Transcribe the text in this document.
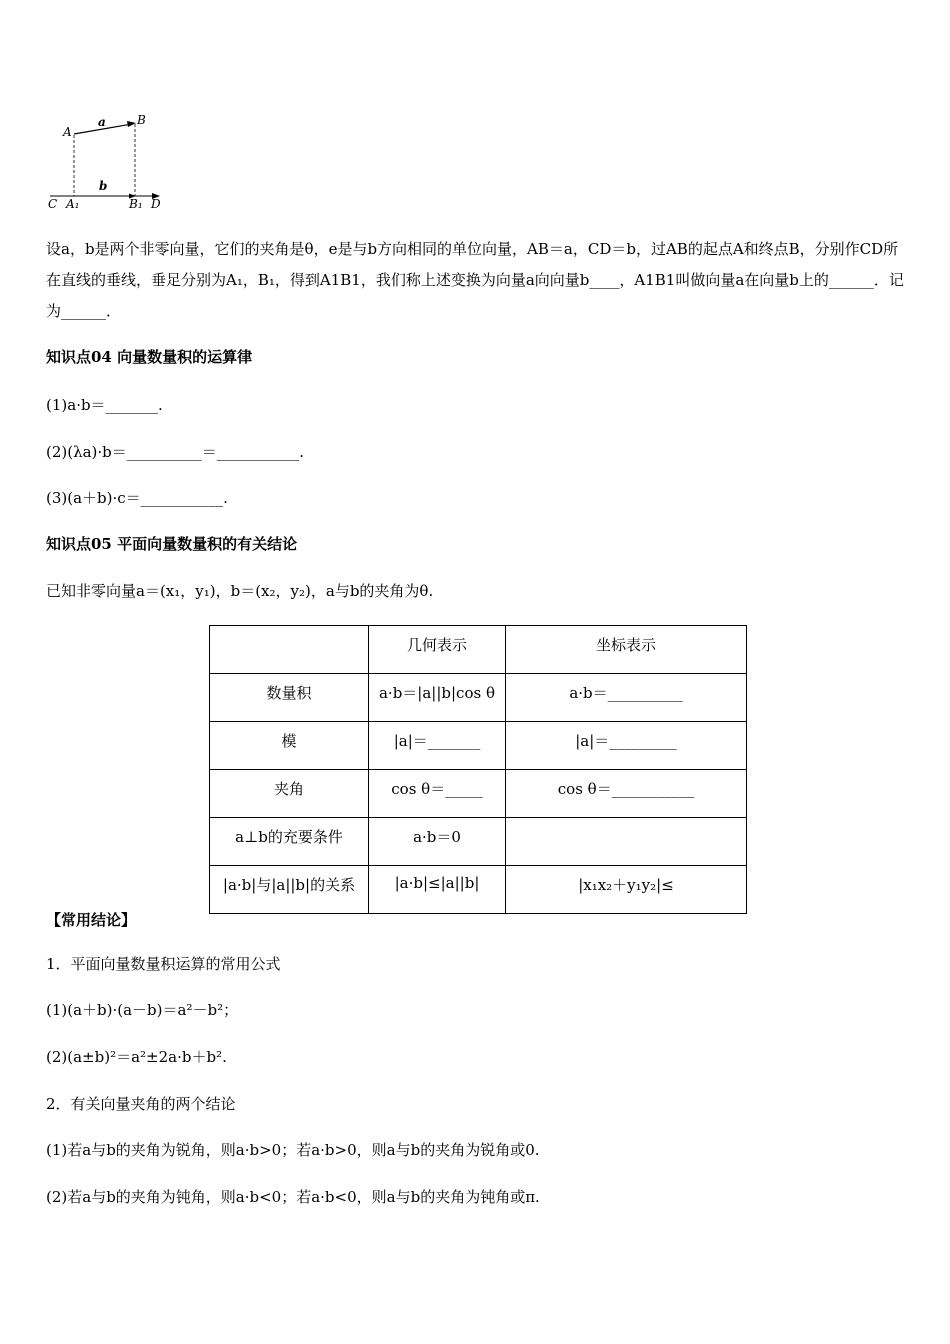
A
B
a
b
C A₁	B₁ D
设a，b是两个非零向量，它们的夹角是θ，e是与b方向相同的单位向量，AB＝a，CD＝b，过AB的起点A和终点B，分别作CD所在直线的垂线，垂足分别为A₁，B₁，得到A1B1，我们称上述变换为向量a向向量b____，A1B1叫做向量a在向量b上的______．记为______．
知识点04 向量数量积的运算律
(1)a·b＝_______.
(2)(λa)·b＝__________＝___________.
(3)(a＋b)·c＝___________.
知识点05 平面向量数量积的有关结论
已知非零向量a＝(x₁，y₁)，b＝(x₂，y₂)，a与b的夹角为θ.
	几何表示	坐标表示
数量积	a·b＝|a||b|cos θ	a·b＝__________
模	|a|＝_______	|a|＝_________
夹角	cos θ＝_____	cos θ＝___________
a⊥b的充要条件	a·b＝0	
|a·b|与|a||b|的关系	|a·b|≤|a||b|	|x₁x₂＋y₁y₂|≤
【常用结论】
1．平面向量数量积运算的常用公式
(1)(a＋b)·(a－b)＝a²－b²；
(2)(a±b)²＝a²±2a·b＋b².
2．有关向量夹角的两个结论
(1)若a与b的夹角为锐角，则a·b>0；若a·b>0，则a与b的夹角为锐角或0.
(2)若a与b的夹角为钝角，则a·b<0；若a·b<0，则a与b的夹角为钝角或π.
